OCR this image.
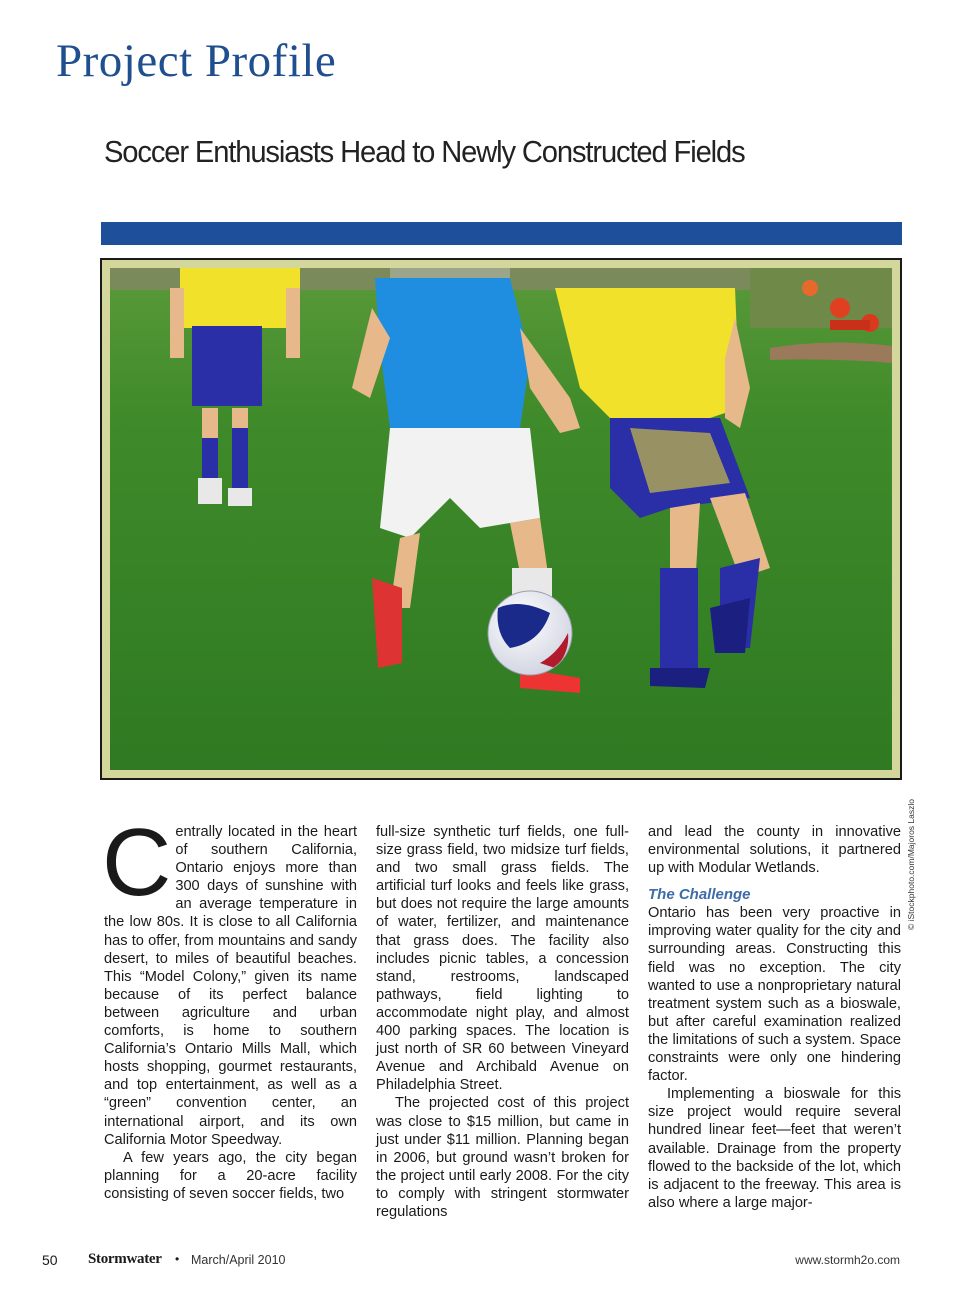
Project Profile
Soccer Enthusiasts Head to Newly Constructed Fields
© iStockphoto.com/Majoros Laszlo

Centrally located in the heart of southern California, Ontario enjoys more than 300 days of sunshine with an average temperature in the low 80s. It is close to all California has to offer, from mountains and sandy desert, to miles of beautiful beaches. This “Model Colony,” given its name because of its perfect balance between agriculture and urban comforts, is home to southern California’s Ontario Mills Mall, which hosts shopping, gourmet restaurants, and top entertainment, as well as a “green” convention center, an international airport, and its own California Motor Speedway.

A few years ago, the city began planning for a 20-acre facility consisting of seven soccer fields, two

full-size synthetic turf fields, one full-size grass field, two midsize turf fields, and two small grass fields. The artificial turf looks and feels like grass, but does not require the large amounts of water, fertilizer, and maintenance that grass does. The facility also includes picnic tables, a concession stand, restrooms, landscaped pathways, field lighting to accommodate night play, and almost 400 parking spaces. The location is just north of SR 60 between Vineyard Avenue and Archibald Avenue on Philadelphia Street.

The projected cost of this project was close to $15 million, but came in just under $11 million. Planning began in 2006, but ground wasn’t broken for the project until early 2008. For the city to comply with stringent stormwater regulations

and lead the county in innovative environmental solutions, it partnered up with Modular Wetlands.

The Challenge

Ontario has been very proactive in improving water quality for the city and surrounding areas. Constructing this field was no exception. The city wanted to use a nonproprietary natural treatment system such as a bioswale, but after careful examination realized the limitations of such a system. Space constraints were only one hindering factor.

Implementing a bioswale for this size project would require several hundred linear feet—feet that weren’t available. Drainage from the property flowed to the backside of the lot, which is adjacent to the freeway. This area is also where a large major-

50 Stormwater • March/April 2010	www.stormh2o.com
